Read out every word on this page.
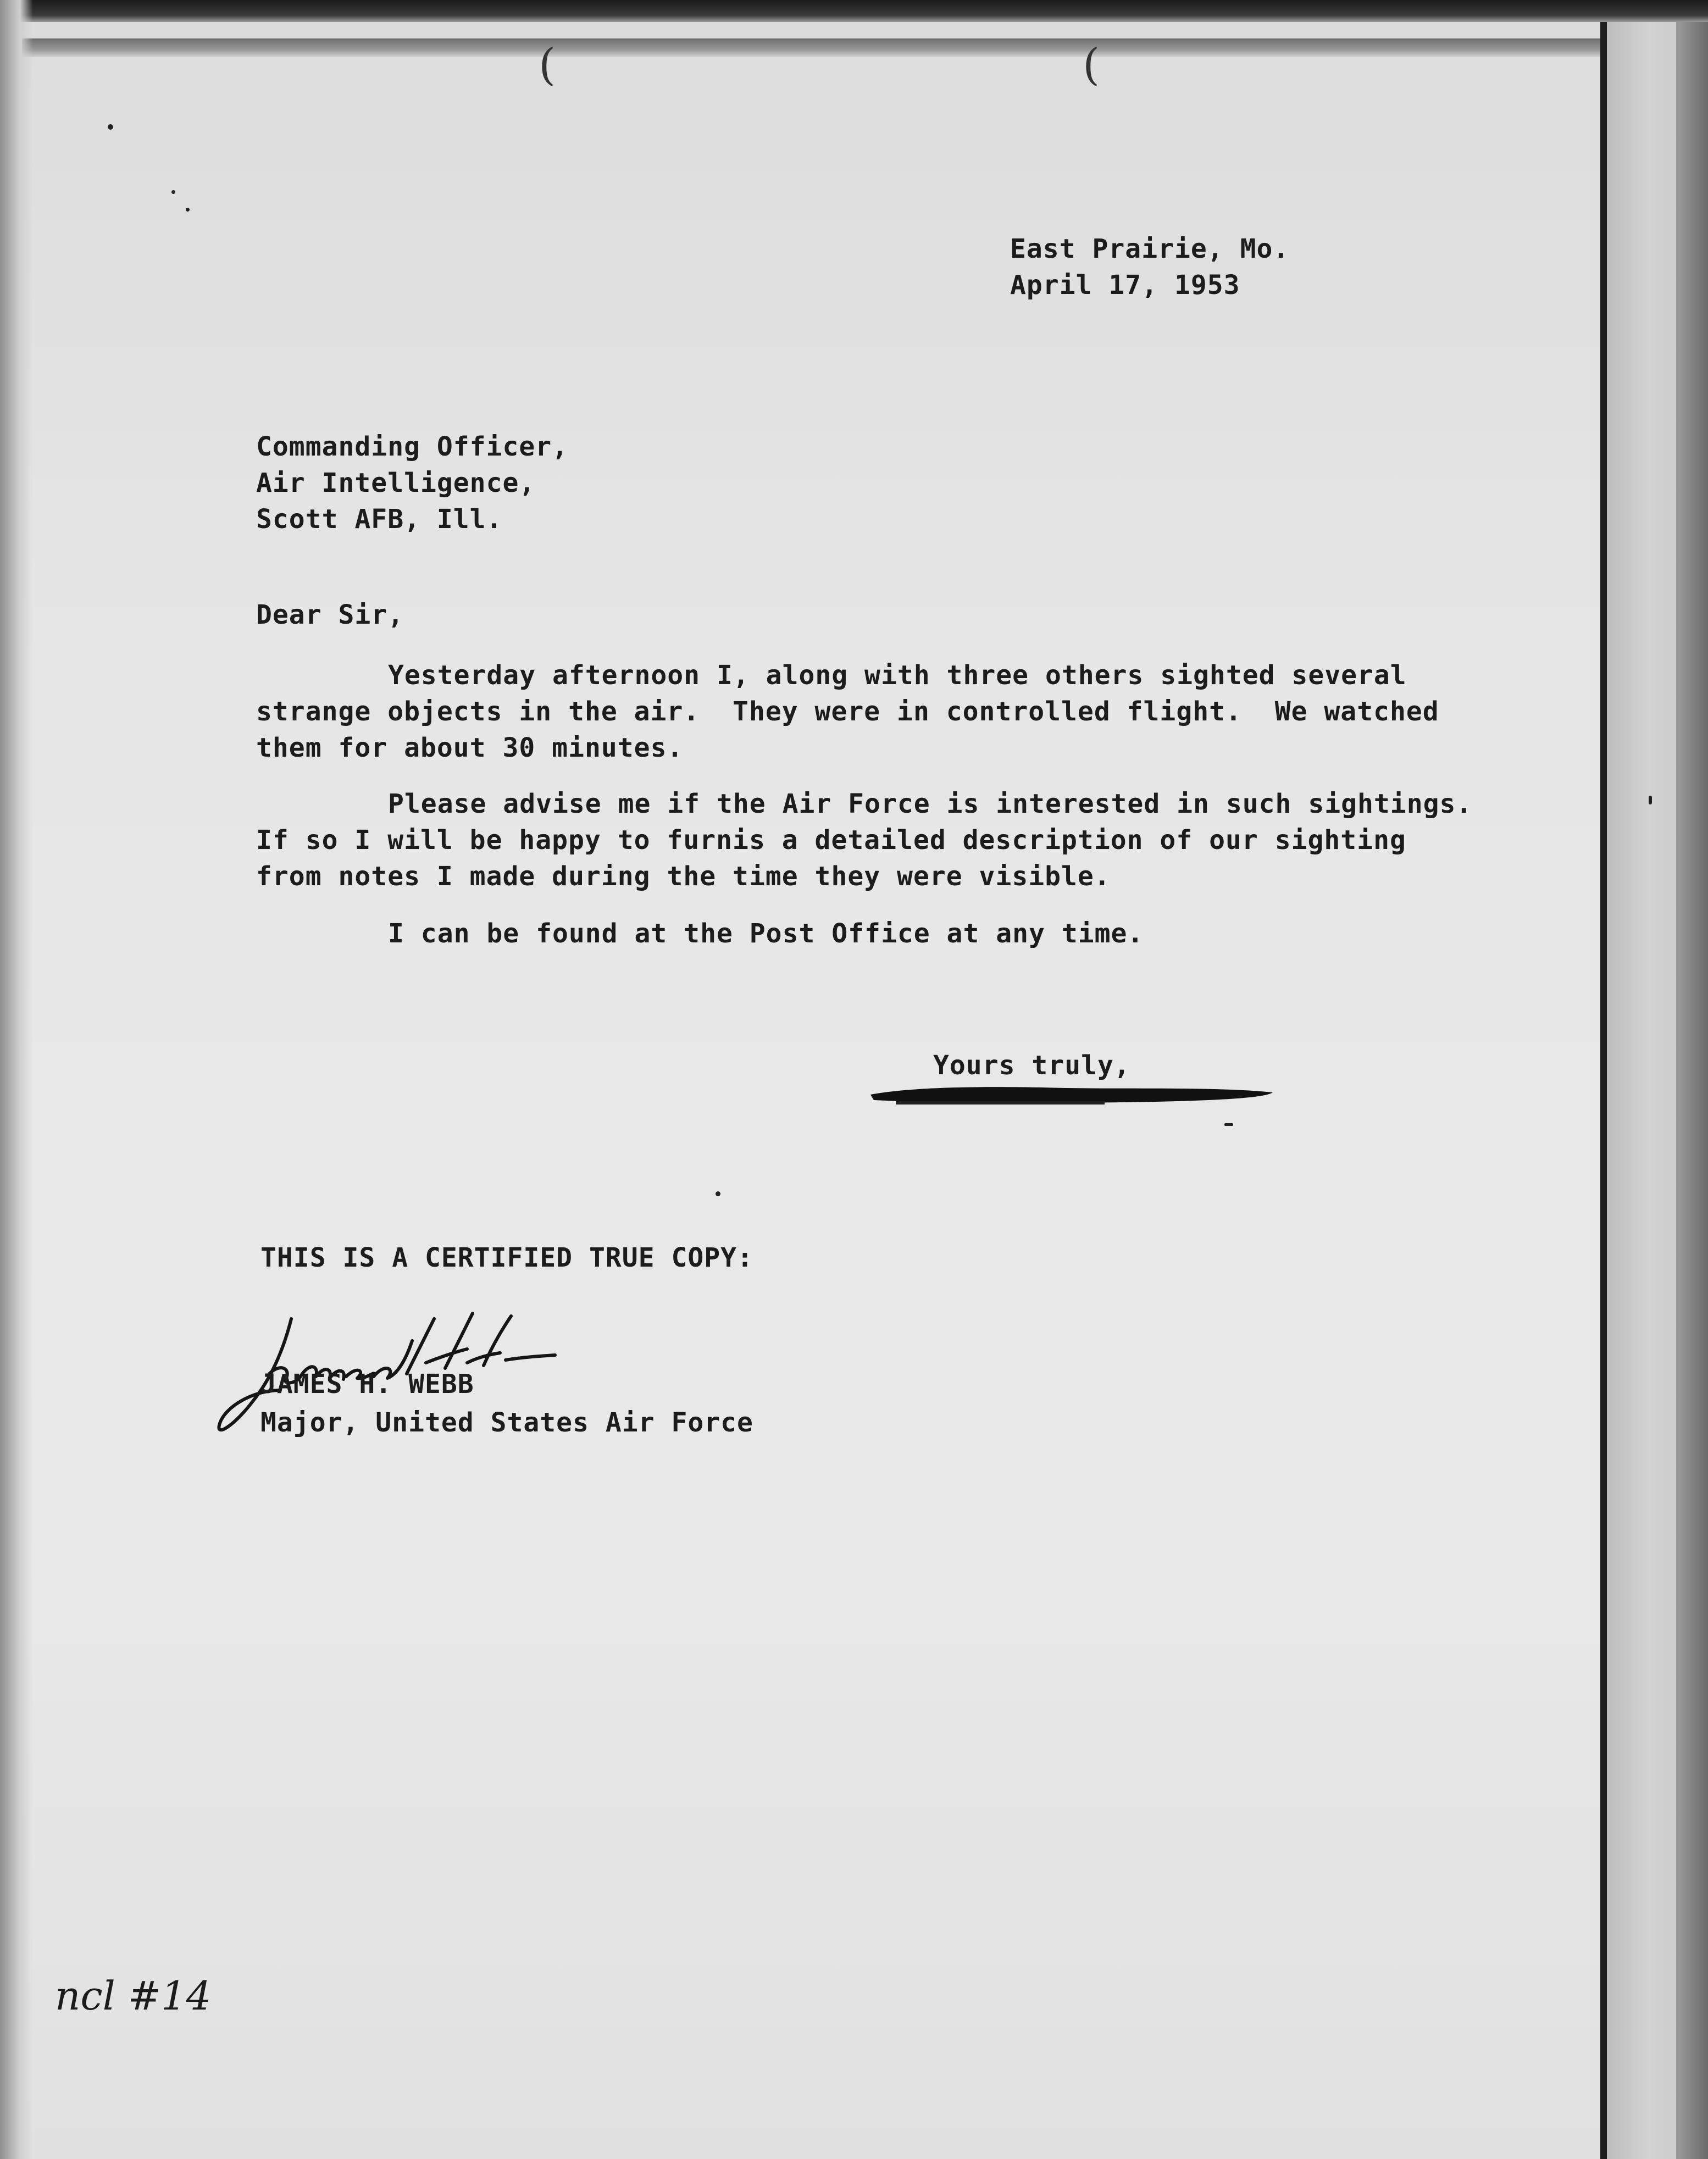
(	(
East Prairie, Mo.
April 17, 1953
Commanding Officer,
Air Intelligence,
Scott AFB, Ill.
Dear Sir,
Yesterday afternoon I, along with three others sighted several
strange objects in the air.  They were in controlled flight.  We watched
them for about 30 minutes.
Please advise me if the Air Force is interested in such sightings.
If so I will be happy to furnis a detailed description of our sighting
from notes I made during the time they were visible.
I can be found at the Post Office at any time.
Yours truly,
THIS IS A CERTIFIED TRUE COPY:
JAMES H. WEBB
Major, United States Air Force
ncl #14
